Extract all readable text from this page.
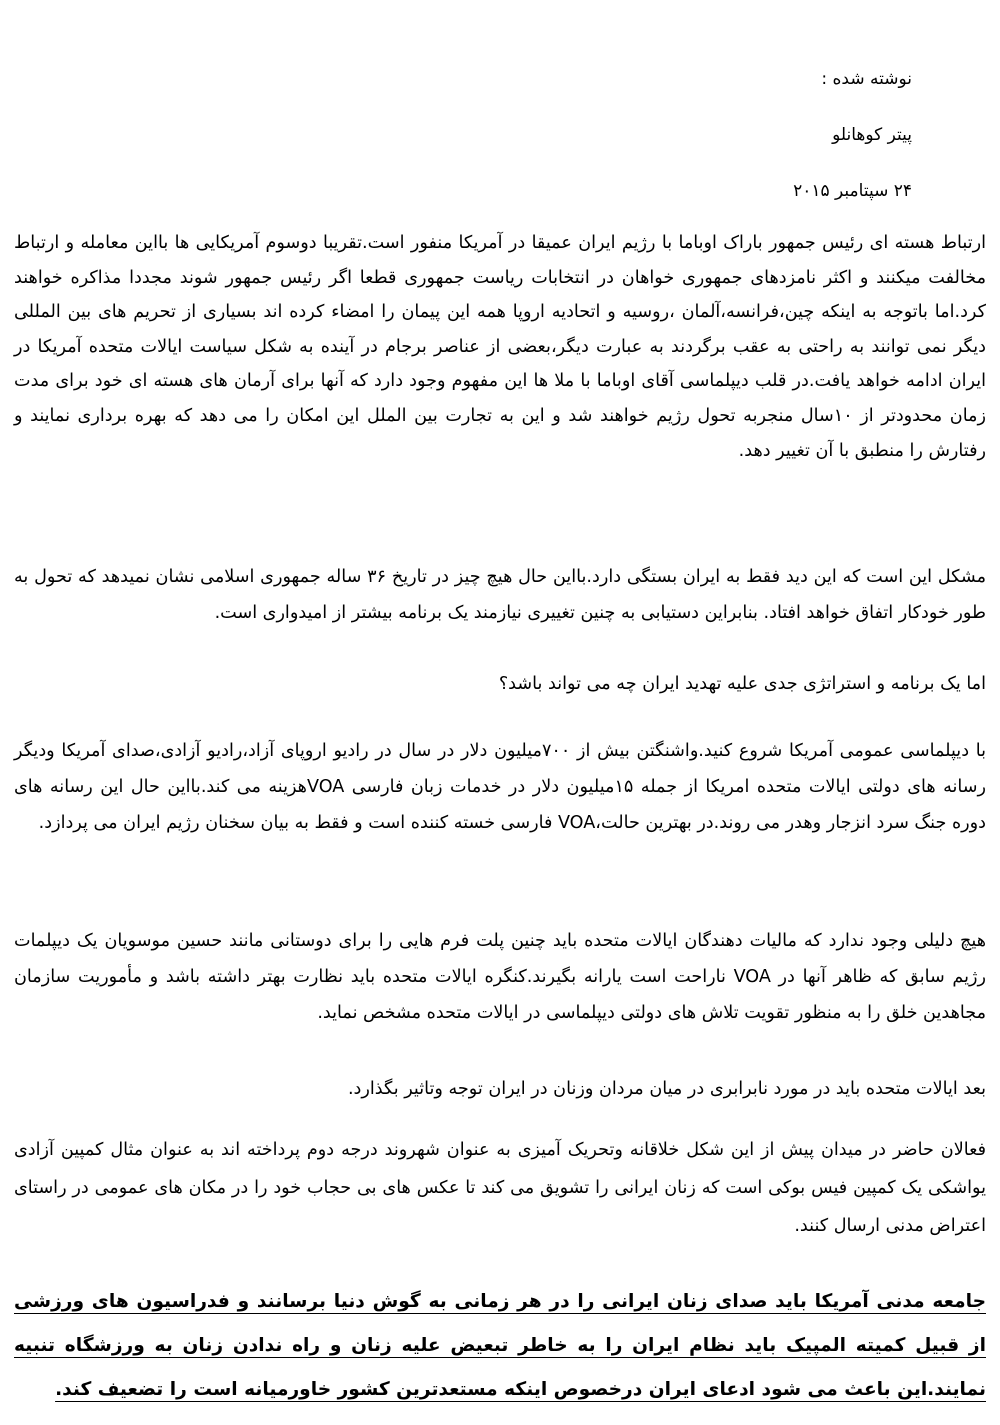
نوشته شده :
پیتر کوهانلو
۲۴ سپتامبر ۲۰۱۵

ارتباط هسته ای رئیس جمهور باراک اوباما با رژیم ایران عمیقا در آمریکا منفور است.تقریبا دوسوم آمریکایی ها بااین معامله و ارتباط مخالفت میکنند و اکثر نامزدهای جمهوری خواهان در انتخابات ریاست جمهوری قطعا اگر رئیس جمهور شوند مجددا مذاکره خواهند کرد.اما باتوجه به اینکه چین،فرانسه،آلمان ،روسیه و اتحادیه اروپا همه این پیمان را امضاء کرده اند بسیاری از تحریم های بین المللی دیگر نمی توانند به راحتی به عقب برگردند به عبارت دیگر،بعضی از عناصر برجام در آینده به شکل سیاست ایالات متحده آمریکا در ایران ادامه خواهد یافت.در قلب دیپلماسی آقای اوباما با ملا ها این مفهوم وجود دارد که آنها برای آرمان های هسته ای خود برای مدت زمان محدودتر از ۱۰سال منجربه تحول رژیم خواهند شد و این به تجارت بین الملل این امکان را می دهد که بهره برداری نمایند و رفتارش را منطبق با آن تغییر دهد.

مشکل این است که این دید فقط به ایران بستگی دارد.بااین حال هیچ چیز در تاریخ ۳۶ ساله جمهوری اسلامی نشان نمیدهد که تحول به طور خودکار اتفاق خواهد افتاد. بنابراین دستیابی به چنین تغییری نیازمند یک برنامه بیشتر از امیدواری است.

اما یک برنامه و استراتژی جدی علیه تهدید ایران چه می تواند باشد؟

با دیپلماسی عمومی آمریکا شروع کنید.واشنگتن بیش از ۷۰۰میلیون دلار در سال در رادیو اروپای آزاد،رادیو آزادی،صدای آمریکا ودیگر رسانه های دولتی ایالات متحده امریکا از جمله ۱۵میلیون دلار در خدمات زبان فارسی VOAهزینه می کند.بااین حال این رسانه های دوره جنگ سرد انزجار وهدر می روند.در بهترین حالت،VOA فارسی خسته کننده است و فقط به بیان سخنان رژیم ایران می پردازد.

هیچ دلیلی وجود ندارد که مالیات دهندگان ایالات متحده باید چنین پلت فرم هایی را برای دوستانی مانند حسین موسویان یک دیپلمات رژیم سابق که ظاهر آنها در VOA ناراحت است یارانه بگیرند.کنگره ایالات متحده باید نظارت بهتر داشته باشد و مأموریت سازمان مجاهدین خلق را به منظور تقویت تلاش های دولتی دیپلماسی در ایالات متحده مشخص نماید.

بعد ایالات متحده باید در مورد نابرابری در میان مردان وزنان در ایران توجه وتاثیر بگذارد.

فعالان حاضر در میدان پیش از این شکل خلاقانه وتحریک آمیزی به عنوان شهروند درجه دوم پرداخته اند به عنوان مثال کمپین آزادی یواشکی یک کمپین فیس بوکی است که زنان ایرانی را تشویق می کند تا عکس های بی حجاب خود را در مکان های عمومی در راستای اعتراض مدنی ارسال کنند.

جامعه مدنی آمریکا باید صدای زنان ایرانی را در هر زمانی به گوش دنیا برسانند و فدراسیون های ورزشی از قبیل کمیته المپیک باید نظام ایران را به خاطر تبعیض علیه زنان و راه ندادن زنان به ورزشگاه تنبیه نمایند.این باعث می شود ادعای ایران درخصوص اینکه مستعدترین کشور خاورمیانه است را تضعیف کند.
